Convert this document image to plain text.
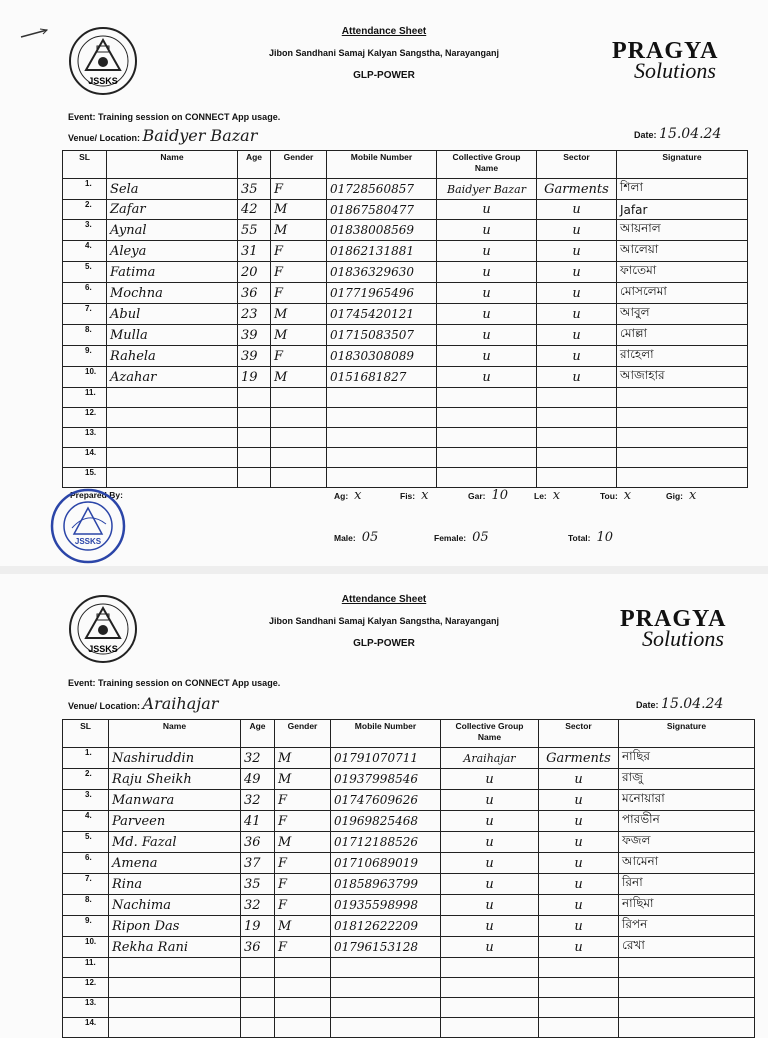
JSSKS
Attendance Sheet
Jibon Sandhani Samaj Kalyan Sangstha, Narayanganj
GLP-POWER
PRAGYA
Solutions
Event: Training session on CONNECT App usage.
Venue/ Location: Baidyer Bazar	Date: 15.04.24
SL	Name	Age	Gender	Mobile Number	Collective Group Name	Sector	Signature
1.	Sela	35	F	01728560857	Baidyer Bazar	Garments	শিলা
2.	Zafar	42	M	01867580477	u	u	Jafar
3.	Aynal	55	M	01838008569	u	u	আয়নাল
4.	Aleya	31	F	01862131881	u	u	আলেয়া
5.	Fatima	20	F	01836329630	u	u	ফাতেমা
6.	Mochna	36	F	01771965496	u	u	মোসলেমা
7.	Abul	23	M	01745420121	u	u	আবুল
8.	Mulla	39	M	01715083507	u	u	মোল্লা
9.	Rahela	39	F	01830308089	u	u	রাহেলা
10.	Azahar	19	M	0151681827	u	u	আজাহার
11.							
12.							
13.							
14.							
15.							
Prepared By:
JSSKS
Ag: x	Fis: x	Gar: 10	Le: x	Tou: x	Gig: x
Male: 05	Female: 05	Total: 10
JSSKS
Attendance Sheet
Jibon Sandhani Samaj Kalyan Sangstha, Narayanganj
GLP-POWER
PRAGYA
Solutions
Event: Training session on CONNECT App usage.
Venue/ Location: Araihajar	Date: 15.04.24
SL	Name	Age	Gender	Mobile Number	Collective Group Name	Sector	Signature
1.	Nashiruddin	32	M	01791070711	Araihajar	Garments	নাছির
2.	Raju Sheikh	49	M	01937998546	u	u	রাজু
3.	Manwara	32	F	01747609626	u	u	মনোয়ারা
4.	Parveen	41	F	01969825468	u	u	পারভীন
5.	Md. Fazal	36	M	01712188526	u	u	ফজল
6.	Amena	37	F	01710689019	u	u	আমেনা
7.	Rina	35	F	01858963799	u	u	রিনা
8.	Nachima	32	F	01935598998	u	u	নাছিমা
9.	Ripon Das	19	M	01812622209	u	u	রিপন
10.	Rekha Rani	36	F	01796153128	u	u	রেখা
11.							
12.							
13.							
14.							
